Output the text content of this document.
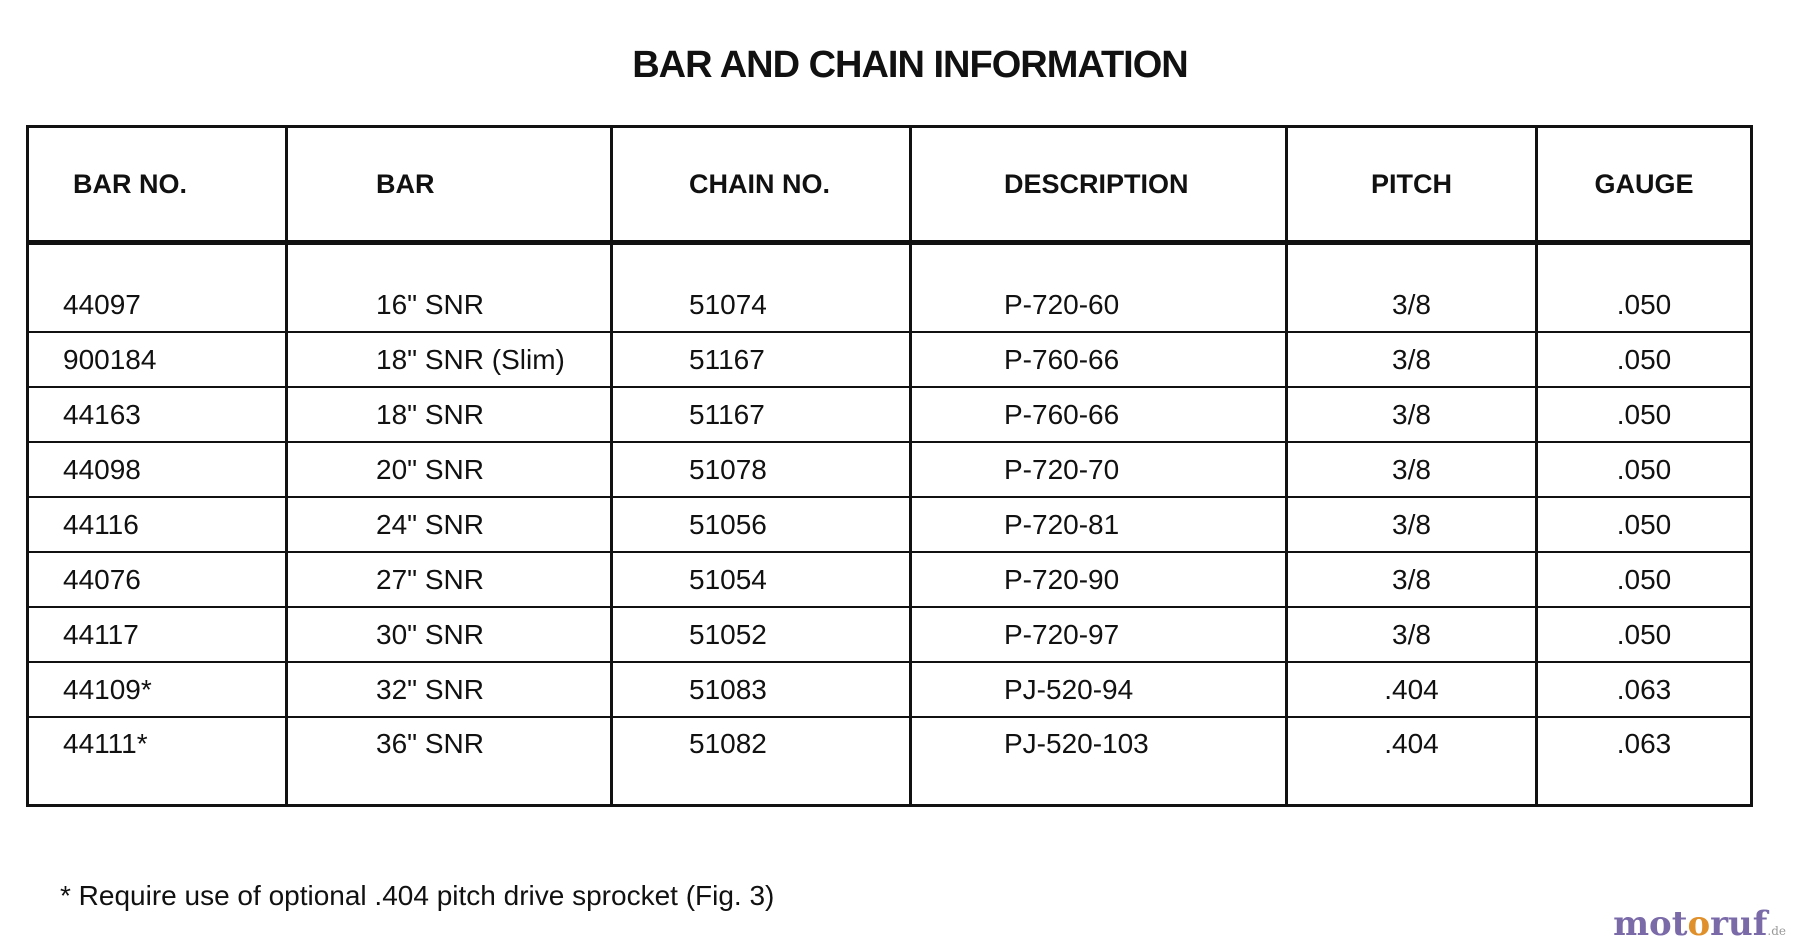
BAR AND CHAIN INFORMATION
BAR NO.	BAR	CHAIN NO.	DESCRIPTION	PITCH	GAUGE
44097	16" SNR	51074	P-720-60	3/8	.050
900184	18" SNR (Slim)	51167	P-760-66	3/8	.050
44163	18" SNR	51167	P-760-66	3/8	.050
44098	20" SNR	51078	P-720-70	3/8	.050
44116	24" SNR	51056	P-720-81	3/8	.050
44076	27" SNR	51054	P-720-90	3/8	.050
44117	30" SNR	51052	P-720-97	3/8	.050
44109*	32" SNR	51083	PJ-520-94	.404	.063
44111*	36" SNR	51082	PJ-520-103	.404	.063
* Require use of optional .404 pitch drive sprocket (Fig. 3)
motoruf.de
